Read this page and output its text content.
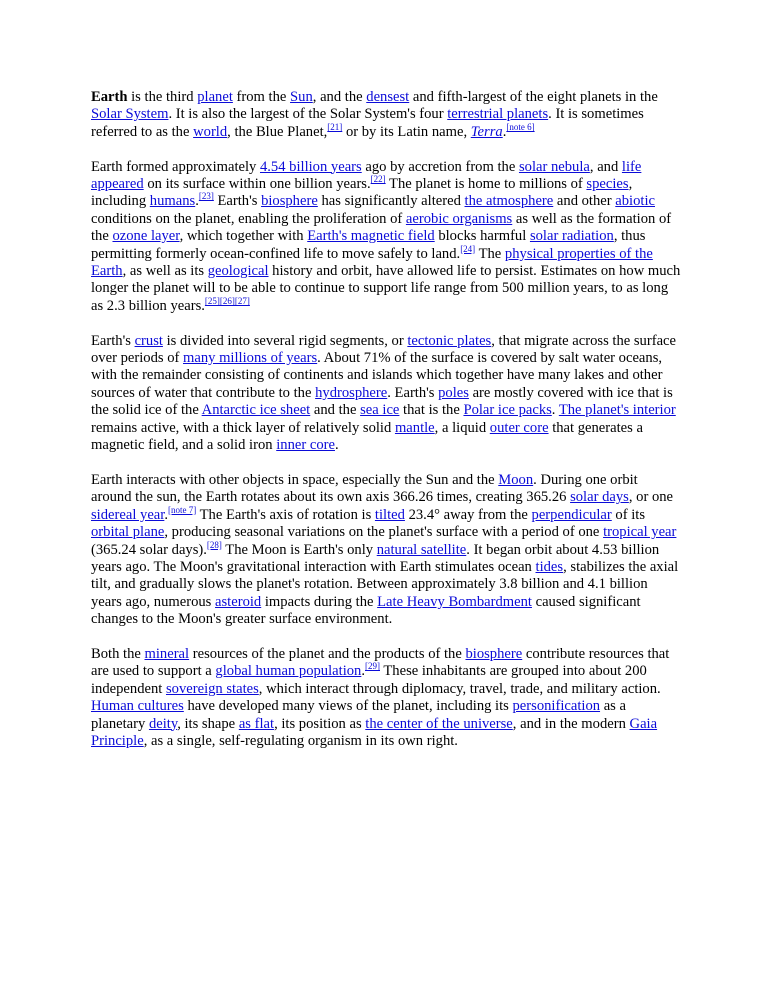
Earth is the third planet from the Sun, and the densest and fifth-largest of the eight planets in the Solar System. It is also the largest of the Solar System's four terrestrial planets. It is sometimes referred to as the world, the Blue Planet,[21] or by its Latin name, Terra.[note 6]

Earth formed approximately 4.54 billion years ago by accretion from the solar nebula, and life appeared on its surface within one billion years.[22] The planet is home to millions of species, including humans.[23] Earth's biosphere has significantly altered the atmosphere and other abiotic conditions on the planet, enabling the proliferation of aerobic organisms as well as the formation of the ozone layer, which together with Earth's magnetic field blocks harmful solar radiation, thus permitting formerly ocean-confined life to move safely to land.[24] The physical properties of the Earth, as well as its geological history and orbit, have allowed life to persist. Estimates on how much longer the planet will to be able to continue to support life range from 500 million years, to as long as 2.3 billion years.[25][26][27]

Earth's crust is divided into several rigid segments, or tectonic plates, that migrate across the surface over periods of many millions of years. About 71% of the surface is covered by salt water oceans, with the remainder consisting of continents and islands which together have many lakes and other sources of water that contribute to the hydrosphere. Earth's poles are mostly covered with ice that is the solid ice of the Antarctic ice sheet and the sea ice that is the Polar ice packs. The planet's interior remains active, with a thick layer of relatively solid mantle, a liquid outer core that generates a magnetic field, and a solid iron inner core.

Earth interacts with other objects in space, especially the Sun and the Moon. During one orbit around the sun, the Earth rotates about its own axis 366.26 times, creating 365.26 solar days, or one sidereal year.[note 7] The Earth's axis of rotation is tilted 23.4° away from the perpendicular of its orbital plane, producing seasonal variations on the planet's surface with a period of one tropical year (365.24 solar days).[28] The Moon is Earth's only natural satellite. It began orbit about 4.53 billion years ago. The Moon's gravitational interaction with Earth stimulates ocean tides, stabilizes the axial tilt, and gradually slows the planet's rotation. Between approximately 3.8 billion and 4.1 billion years ago, numerous asteroid impacts during the Late Heavy Bombardment caused significant changes to the Moon's greater surface environment.

Both the mineral resources of the planet and the products of the biosphere contribute resources that are used to support a global human population.[29] These inhabitants are grouped into about 200 independent sovereign states, which interact through diplomacy, travel, trade, and military action. Human cultures have developed many views of the planet, including its personification as a planetary deity, its shape as flat, its position as the center of the universe, and in the modern Gaia Principle, as a single, self-regulating organism in its own right.
